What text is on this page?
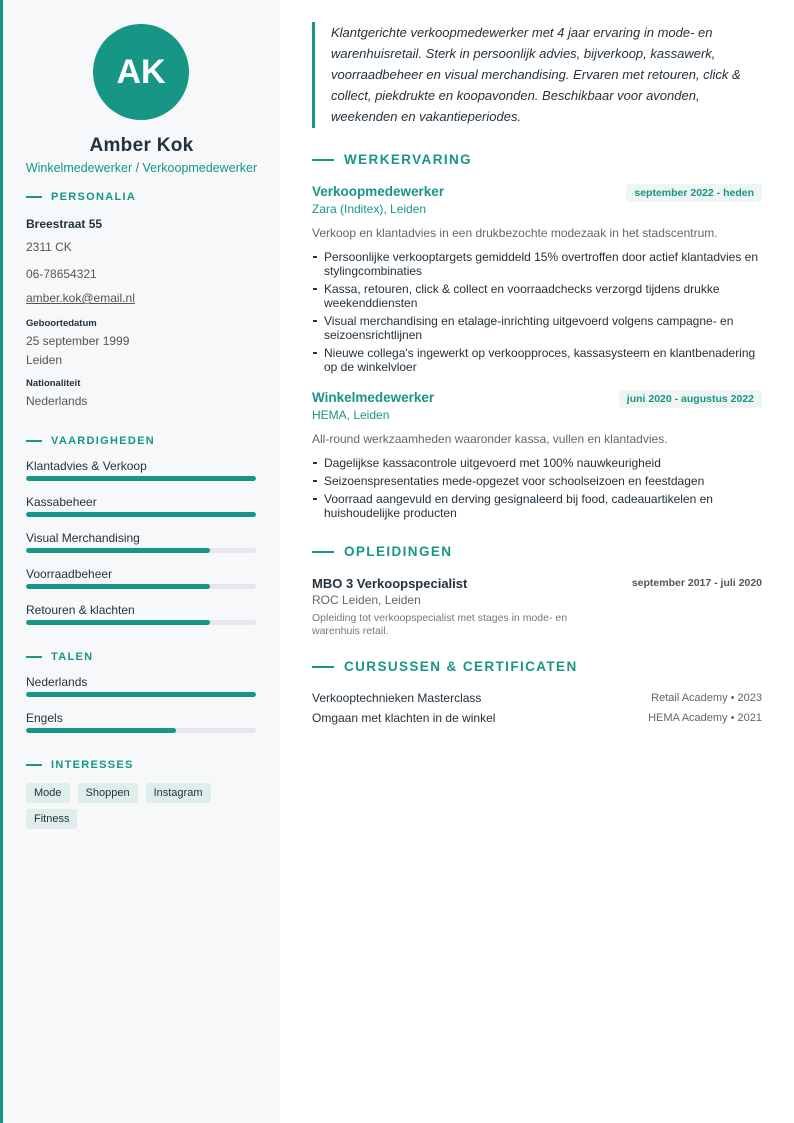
AK
Amber Kok
Winkelmedewerker / Verkoopmedewerker
PERSONALIA
Breestraat 55
2311 CK
06-78654321
amber.kok@email.nl
Geboortedatum
25 september 1999
Leiden
Nationaliteit
Nederlands
VAARDIGHEDEN
Klantadvies & Verkoop
Kassabeheer
Visual Merchandising
Voorraadbeheer
Retouren & klachten
TALEN
Nederlands
Engels
INTERESSES
Mode	Shoppen	Instagram
Fitness
Klantgerichte verkoopmedewerker met 4 jaar ervaring in mode- en warenhuisretail. Sterk in persoonlijk advies, bijverkoop, kassawerk, voorraadbeheer en visual merchandising. Ervaren met retouren, click & collect, piekdrukte en koopavonden. Beschikbaar voor avonden, weekenden en vakantieperiodes.
WERKERVARING
Verkoopmedewerker	september 2022 - heden
Zara (Inditex), Leiden
Verkoop en klantadvies in een drukbezochte modezaak in het stadscentrum.
Persoonlijke verkooptargets gemiddeld 15% overtroffen door actief klantadvies en stylingcombinaties
Kassa, retouren, click & collect en voorraadchecks verzorgd tijdens drukke weekenddiensten
Visual merchandising en etalage-inrichting uitgevoerd volgens campagne- en seizoensrichtlijnen
Nieuwe collega's ingewerkt op verkoopproces, kassasysteem en klantbenadering op de winkelvloer
Winkelmedewerker	juni 2020 - augustus 2022
HEMA, Leiden
All-round werkzaamheden waaronder kassa, vullen en klantadvies.
Dagelijkse kassacontrole uitgevoerd met 100% nauwkeurigheid
Seizoenspresentaties mede-opgezet voor schoolseizoen en feestdagen
Voorraad aangevuld en derving gesignaleerd bij food, cadeauartikelen en huishoudelijke producten
OPLEIDINGEN
MBO 3 Verkoopspecialist	september 2017 - juli 2020
ROC Leiden, Leiden
Opleiding tot verkoopspecialist met stages in mode- en warenhuis retail.
CURSUSSEN & CERTIFICATEN
Verkooptechnieken Masterclass	Retail Academy • 2023
Omgaan met klachten in de winkel	HEMA Academy • 2021
